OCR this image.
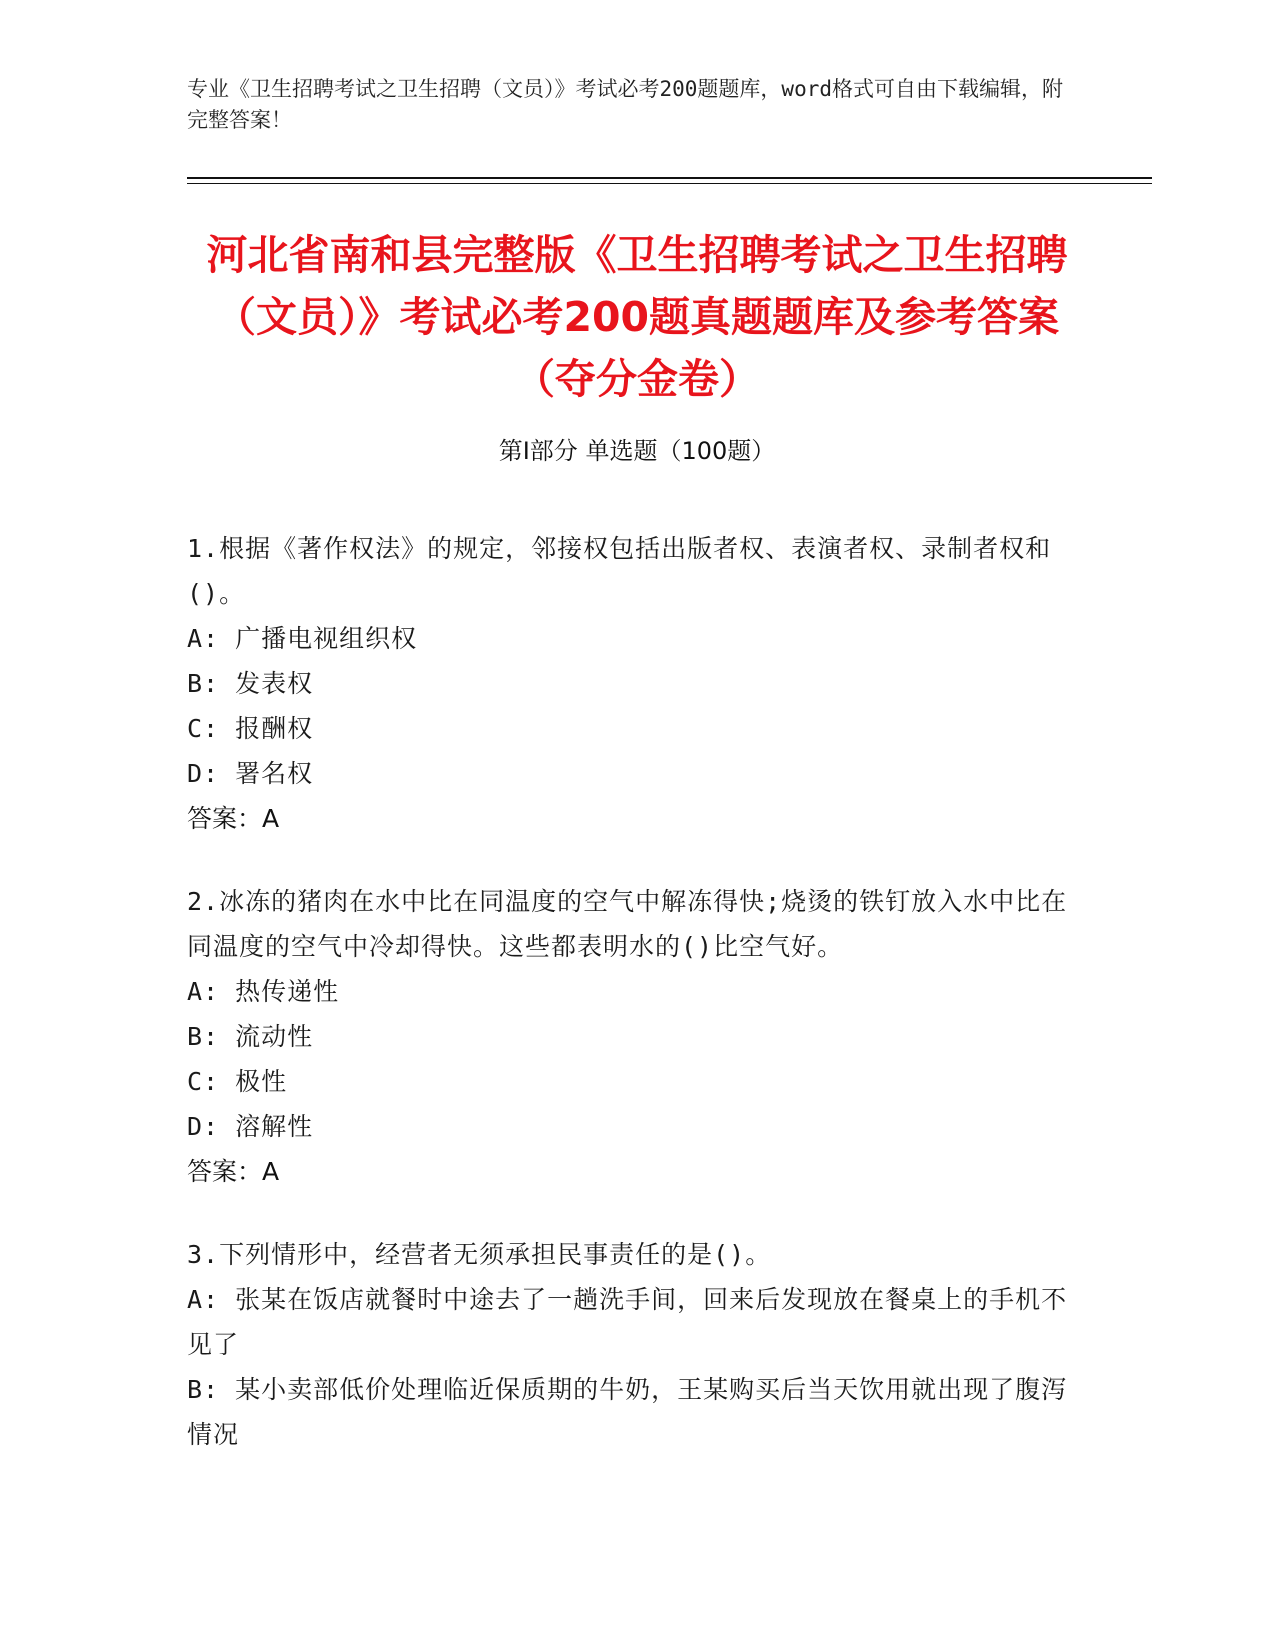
专业《卫生招聘考试之卫生招聘（文员）》考试必考200题题库，word格式可自由下载编辑，附完整答案！
河北省南和县完整版《卫生招聘考试之卫生招聘（文员）》考试必考200题真题题库及参考答案（夺分金卷）
第Ⅰ部分 单选题（100题）
1.根据《著作权法》的规定，邻接权包括出版者权、表演者权、录制者权和()。
A: 广播电视组织权
B: 发表权
C: 报酬权
D: 署名权
答案：A
2.冰冻的猪肉在水中比在同温度的空气中解冻得快;烧烫的铁钉放入水中比在同温度的空气中冷却得快。这些都表明水的()比空气好。
A: 热传递性
B: 流动性
C: 极性
D: 溶解性
答案：A
3.下列情形中，经营者无须承担民事责任的是()。
A: 张某在饭店就餐时中途去了一趟洗手间，回来后发现放在餐桌上的手机不见了
B: 某小卖部低价处理临近保质期的牛奶，王某购买后当天饮用就出现了腹泻情况
